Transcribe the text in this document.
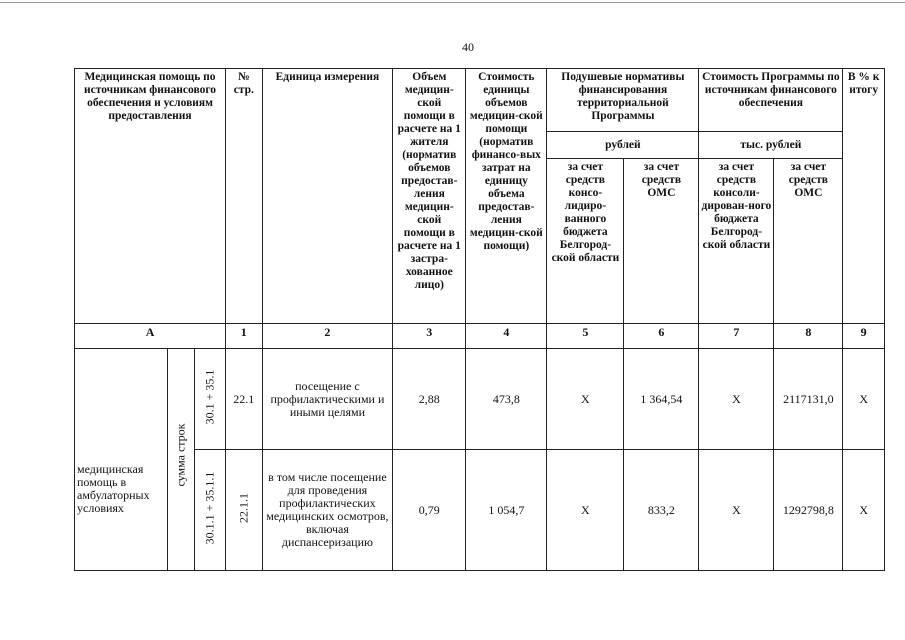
40
Медицинская помощь по источникам финансового обеспечения и условиям предоставления			№ стр.	Единица измерения	Объем медицин-ской помощи в расчете на 1 жителя (норматив объемов предостав-ления медицин-ской помощи в расчете на 1 застра-хованное лицо)	Стоимость единицы объемов медицин-ской помощи (норматив финансо-вых затрат на единицу объема предостав-ления медицин-ской помощи)	Подушевые нормативы финансирования территориальной Программы		Стоимость Программы по источникам финансового обеспечения		В % к итогу
							рублей		тыс. рублей		
							за счет средств консо-лидиро-ванного бюджета Белгород-ской области	за счет средств ОМС	за счет средств консоли-дирован-ного бюджета Белгород-ской области	за счет средств ОМС	
А			1	2	3	4	5	6	7	8	9
медицинская помощь в амбулаторных условиях	сумма строк	30.1 + 35.1	22.1	посещение с профилактическими и иными целями	2,88	473,8	Х	1 364,54	Х	2117131,0	Х

		30.1.1 + 35.1.1	22.1.1	в том числе посещение для проведения профилактических медицинских осмотров, включая диспансеризацию	0,79	1 054,7	Х	833,2	Х	1292798,8	Х
